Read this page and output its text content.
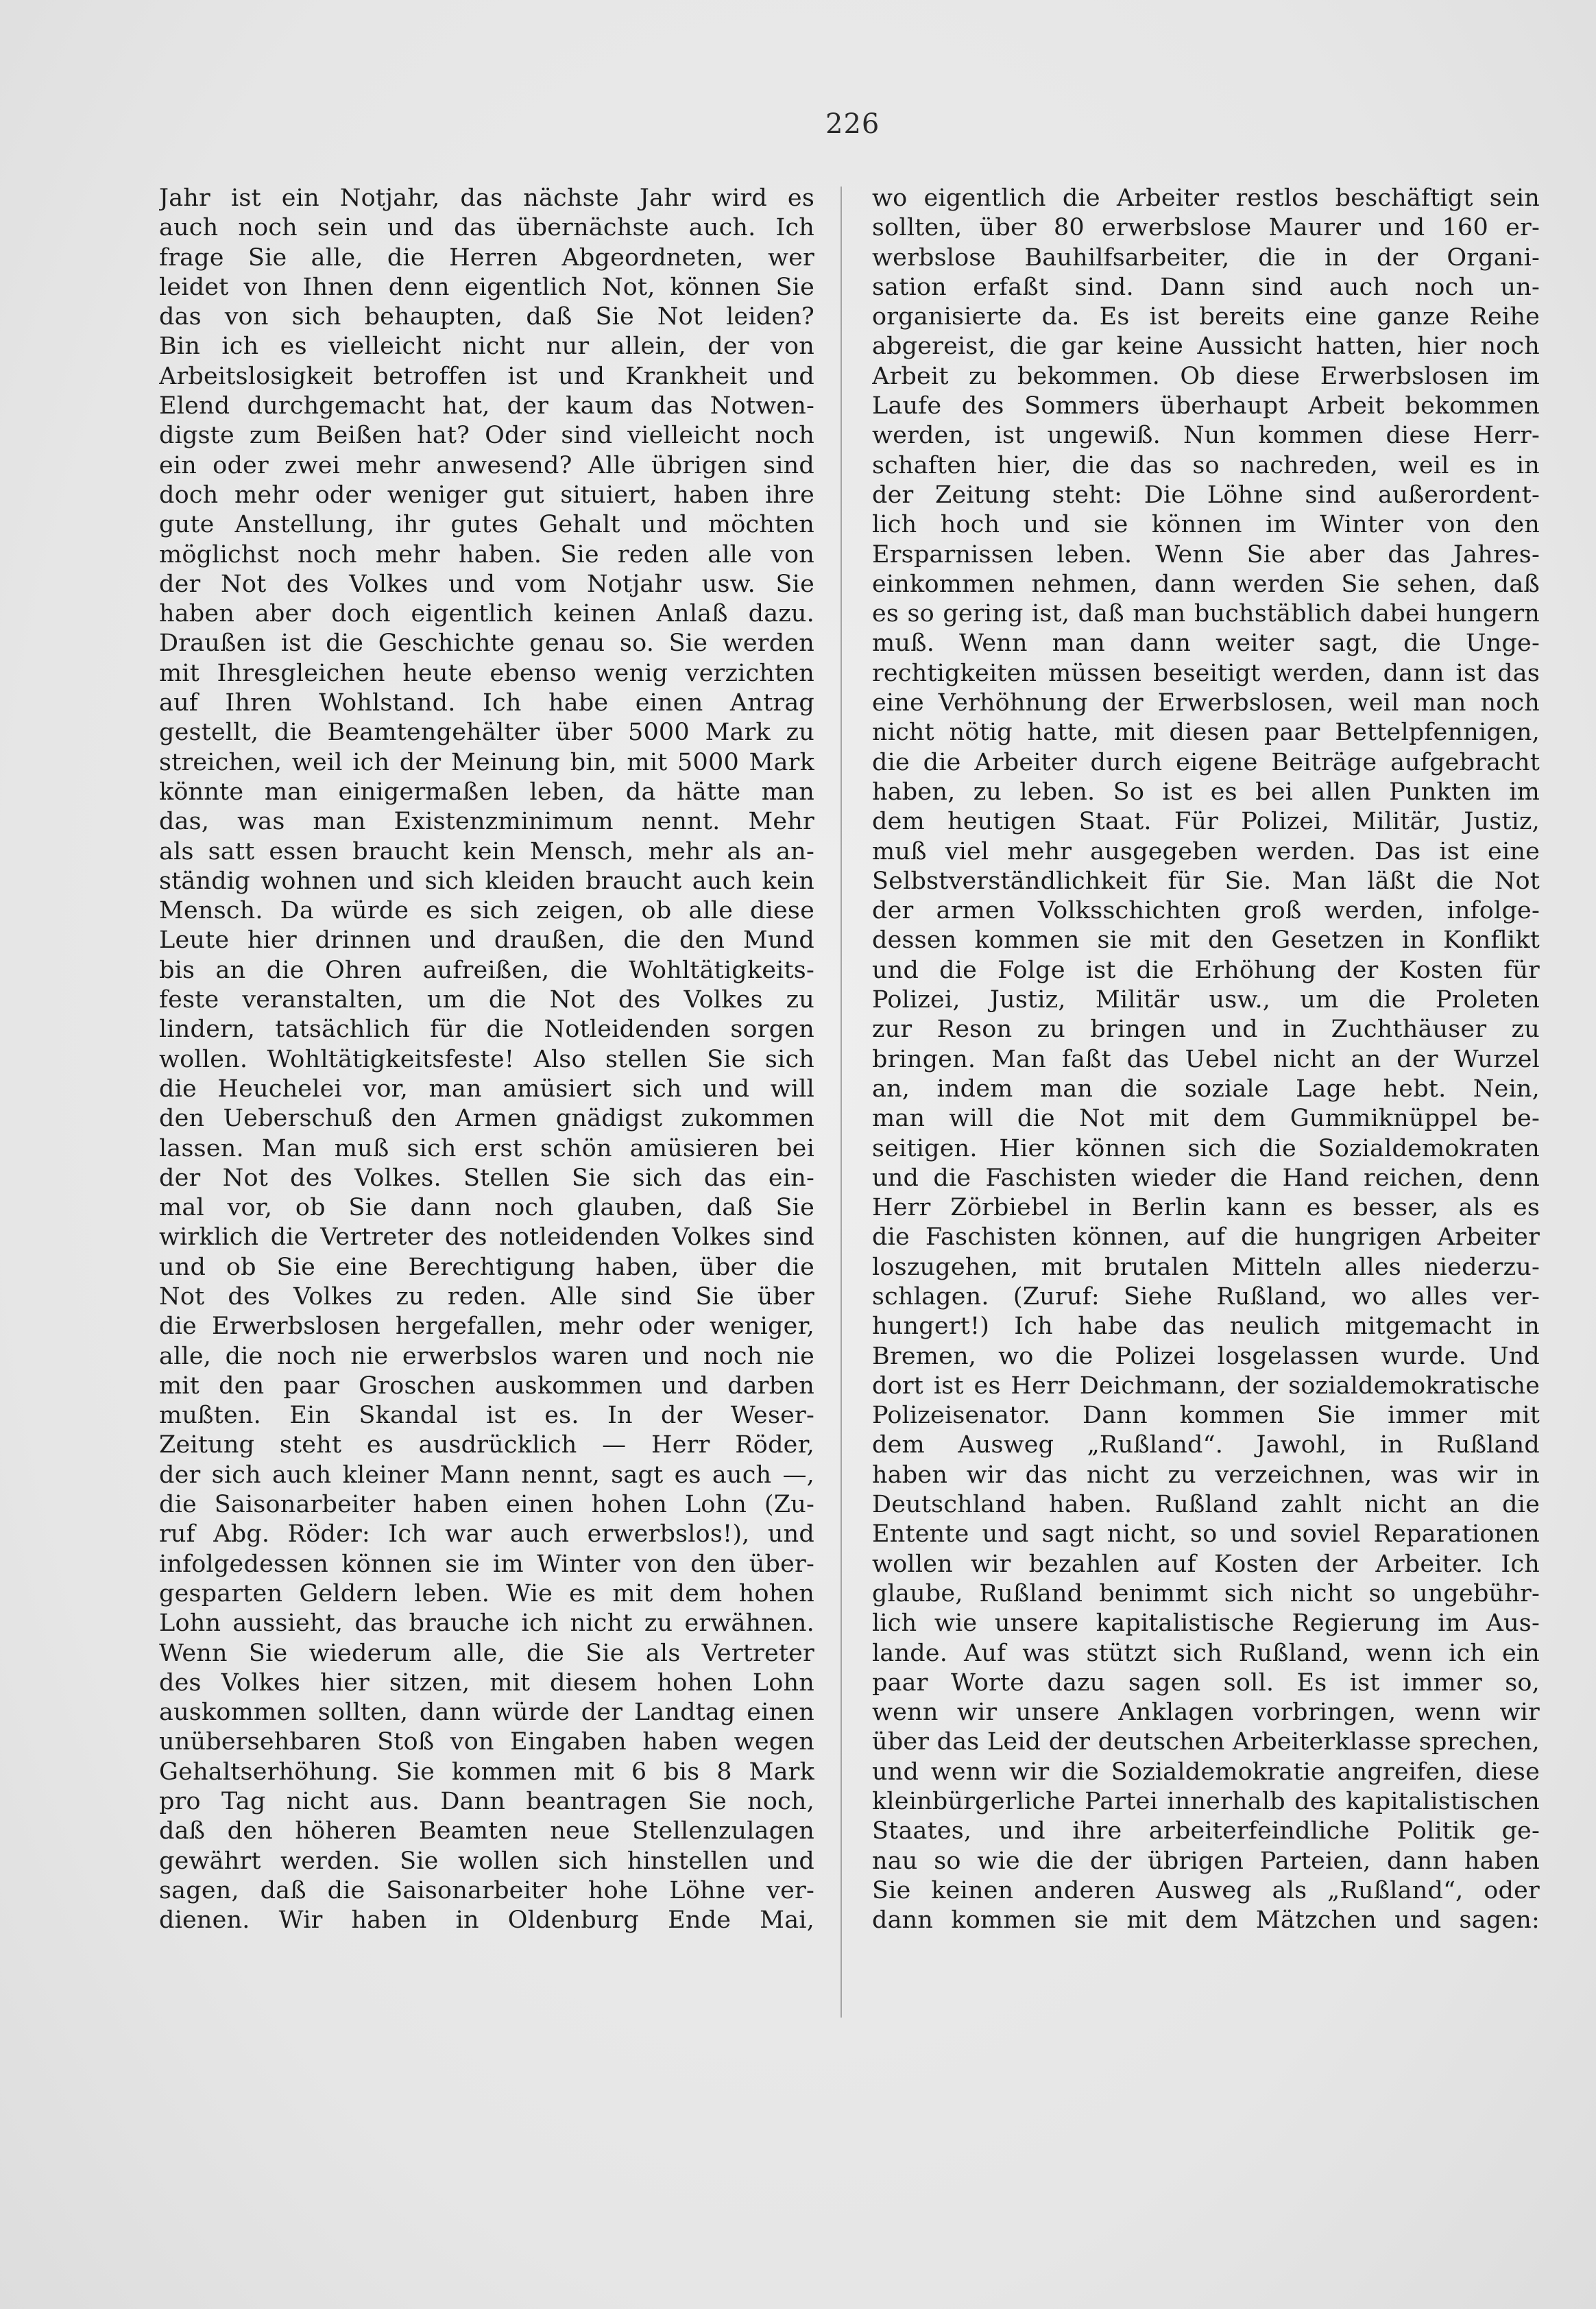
226
Jahr ist ein Notjahr, das nächste Jahr wird es
auch noch sein und das übernächste auch. Ich
frage Sie alle, die Herren Abgeordneten, wer
leidet von Ihnen denn eigentlich Not, können Sie
das von sich behaupten, daß Sie Not leiden?
Bin ich es vielleicht nicht nur allein, der von
Arbeitslosigkeit betroffen ist und Krankheit und
Elend durchgemacht hat, der kaum das Notwen-
digste zum Beißen hat? Oder sind vielleicht noch
ein oder zwei mehr anwesend? Alle übrigen sind
doch mehr oder weniger gut situiert, haben ihre
gute Anstellung, ihr gutes Gehalt und möchten
möglichst noch mehr haben. Sie reden alle von
der Not des Volkes und vom Notjahr usw. Sie
haben aber doch eigentlich keinen Anlaß dazu.
Draußen ist die Geschichte genau so. Sie werden
mit Ihresgleichen heute ebenso wenig verzichten
auf Ihren Wohlstand. Ich habe einen Antrag
gestellt, die Beamtengehälter über 5000 Mark zu
streichen, weil ich der Meinung bin, mit 5000 Mark
könnte man einigermaßen leben, da hätte man
das, was man Existenzminimum nennt. Mehr
als satt essen braucht kein Mensch, mehr als an-
ständig wohnen und sich kleiden braucht auch kein
Mensch. Da würde es sich zeigen, ob alle diese
Leute hier drinnen und draußen, die den Mund
bis an die Ohren aufreißen, die Wohltätigkeits-
feste veranstalten, um die Not des Volkes zu
lindern, tatsächlich für die Notleidenden sorgen
wollen. Wohltätigkeitsfeste! Also stellen Sie sich
die Heuchelei vor, man amüsiert sich und will
den Ueberschuß den Armen gnädigst zukommen
lassen. Man muß sich erst schön amüsieren bei
der Not des Volkes. Stellen Sie sich das ein-
mal vor, ob Sie dann noch glauben, daß Sie
wirklich die Vertreter des notleidenden Volkes sind
und ob Sie eine Berechtigung haben, über die
Not des Volkes zu reden. Alle sind Sie über
die Erwerbslosen hergefallen, mehr oder weniger,
alle, die noch nie erwerbslos waren und noch nie
mit den paar Groschen auskommen und darben
mußten. Ein Skandal ist es. In der Weser-
Zeitung steht es ausdrücklich — Herr Röder,
der sich auch kleiner Mann nennt, sagt es auch —,
die Saisonarbeiter haben einen hohen Lohn (Zu-
ruf Abg. Röder: Ich war auch erwerbslos!), und
infolgedessen können sie im Winter von den über-
gesparten Geldern leben. Wie es mit dem hohen
Lohn aussieht, das brauche ich nicht zu erwähnen.
Wenn Sie wiederum alle, die Sie als Vertreter
des Volkes hier sitzen, mit diesem hohen Lohn
auskommen sollten, dann würde der Landtag einen
unübersehbaren Stoß von Eingaben haben wegen
Gehaltserhöhung. Sie kommen mit 6 bis 8 Mark
pro Tag nicht aus. Dann beantragen Sie noch,
daß den höheren Beamten neue Stellenzulagen
gewährt werden. Sie wollen sich hinstellen und
sagen, daß die Saisonarbeiter hohe Löhne ver-
dienen. Wir haben in Oldenburg Ende Mai,
wo eigentlich die Arbeiter restlos beschäftigt sein
sollten, über 80 erwerbslose Maurer und 160 er-
werbslose Bauhilfsarbeiter, die in der Organi-
sation erfaßt sind. Dann sind auch noch un-
organisierte da. Es ist bereits eine ganze Reihe
abgereist, die gar keine Aussicht hatten, hier noch
Arbeit zu bekommen. Ob diese Erwerbslosen im
Laufe des Sommers überhaupt Arbeit bekommen
werden, ist ungewiß. Nun kommen diese Herr-
schaften hier, die das so nachreden, weil es in
der Zeitung steht: Die Löhne sind außerordent-
lich hoch und sie können im Winter von den
Ersparnissen leben. Wenn Sie aber das Jahres-
einkommen nehmen, dann werden Sie sehen, daß
es so gering ist, daß man buchstäblich dabei hungern
muß. Wenn man dann weiter sagt, die Unge-
rechtigkeiten müssen beseitigt werden, dann ist das
eine Verhöhnung der Erwerbslosen, weil man noch
nicht nötig hatte, mit diesen paar Bettelpfennigen,
die die Arbeiter durch eigene Beiträge aufgebracht
haben, zu leben. So ist es bei allen Punkten im
dem heutigen Staat. Für Polizei, Militär, Justiz,
muß viel mehr ausgegeben werden. Das ist eine
Selbstverständlichkeit für Sie. Man läßt die Not
der armen Volksschichten groß werden, infolge-
dessen kommen sie mit den Gesetzen in Konflikt
und die Folge ist die Erhöhung der Kosten für
Polizei, Justiz, Militär usw., um die Proleten
zur Reson zu bringen und in Zuchthäuser zu
bringen. Man faßt das Uebel nicht an der Wurzel
an, indem man die soziale Lage hebt. Nein,
man will die Not mit dem Gummiknüppel be-
seitigen. Hier können sich die Sozialdemokraten
und die Faschisten wieder die Hand reichen, denn
Herr Zörbiebel in Berlin kann es besser, als es
die Faschisten können, auf die hungrigen Arbeiter
loszugehen, mit brutalen Mitteln alles niederzu-
schlagen. (Zuruf: Siehe Rußland, wo alles ver-
hungert!) Ich habe das neulich mitgemacht in
Bremen, wo die Polizei losgelassen wurde. Und
dort ist es Herr Deichmann, der sozialdemokratische
Polizeisenator. Dann kommen Sie immer mit
dem Ausweg „Rußland“. Jawohl, in Rußland
haben wir das nicht zu verzeichnen, was wir in
Deutschland haben. Rußland zahlt nicht an die
Entente und sagt nicht, so und soviel Reparationen
wollen wir bezahlen auf Kosten der Arbeiter. Ich
glaube, Rußland benimmt sich nicht so ungebühr-
lich wie unsere kapitalistische Regierung im Aus-
lande. Auf was stützt sich Rußland, wenn ich ein
paar Worte dazu sagen soll. Es ist immer so,
wenn wir unsere Anklagen vorbringen, wenn wir
über das Leid der deutschen Arbeiterklasse sprechen,
und wenn wir die Sozialdemokratie angreifen, diese
kleinbürgerliche Partei innerhalb des kapitalistischen
Staates, und ihre arbeiterfeindliche Politik ge-
nau so wie die der übrigen Parteien, dann haben
Sie keinen anderen Ausweg als „Rußland“, oder
dann kommen sie mit dem Mätzchen und sagen:
